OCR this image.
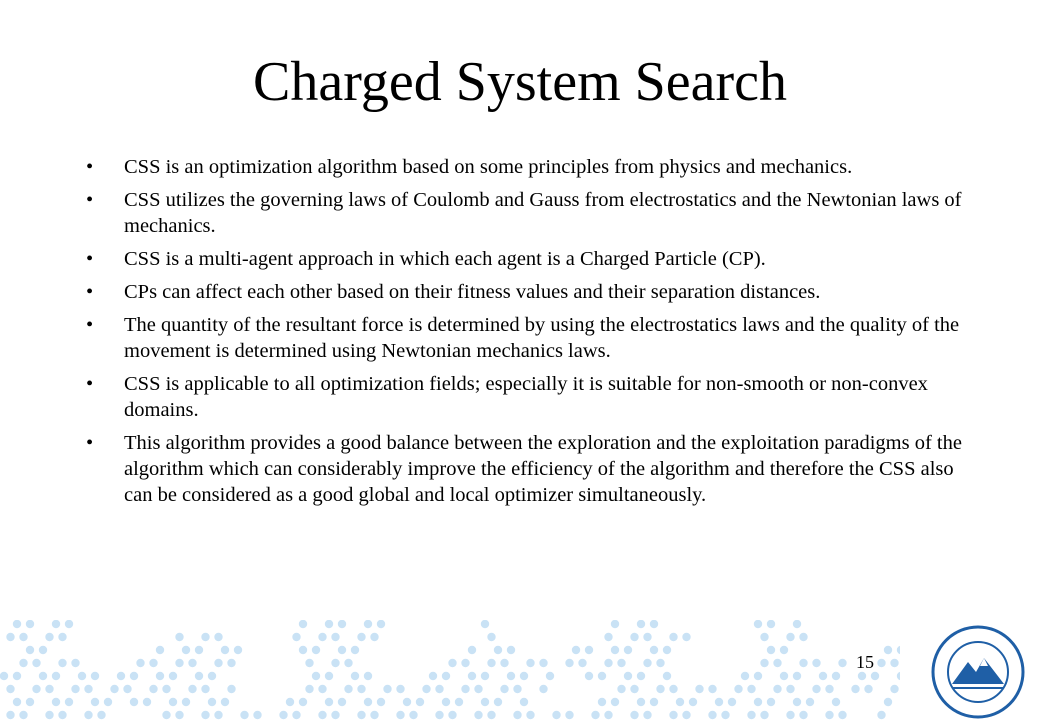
Charged System Search
• CSS is an optimization algorithm based on some principles from physics and mechanics.
• CSS utilizes the governing laws of Coulomb and Gauss from electrostatics and the Newtonian laws of mechanics.
• CSS is a multi-agent approach in which each agent is a Charged Particle (CP).
• CPs can affect each other based on their fitness values and their separation distances.
• The quantity of the resultant force is determined by using the electrostatics laws and the quality of the movement is determined using Newtonian mechanics laws.
• CSS is applicable to all optimization fields; especially it is suitable for non-smooth or non-convex domains.
• This algorithm provides a good balance between the exploration and the exploitation paradigms of the algorithm which can considerably improve the efficiency of the algorithm and therefore the CSS also can be considered as a good global and local optimizer simultaneously.
15
